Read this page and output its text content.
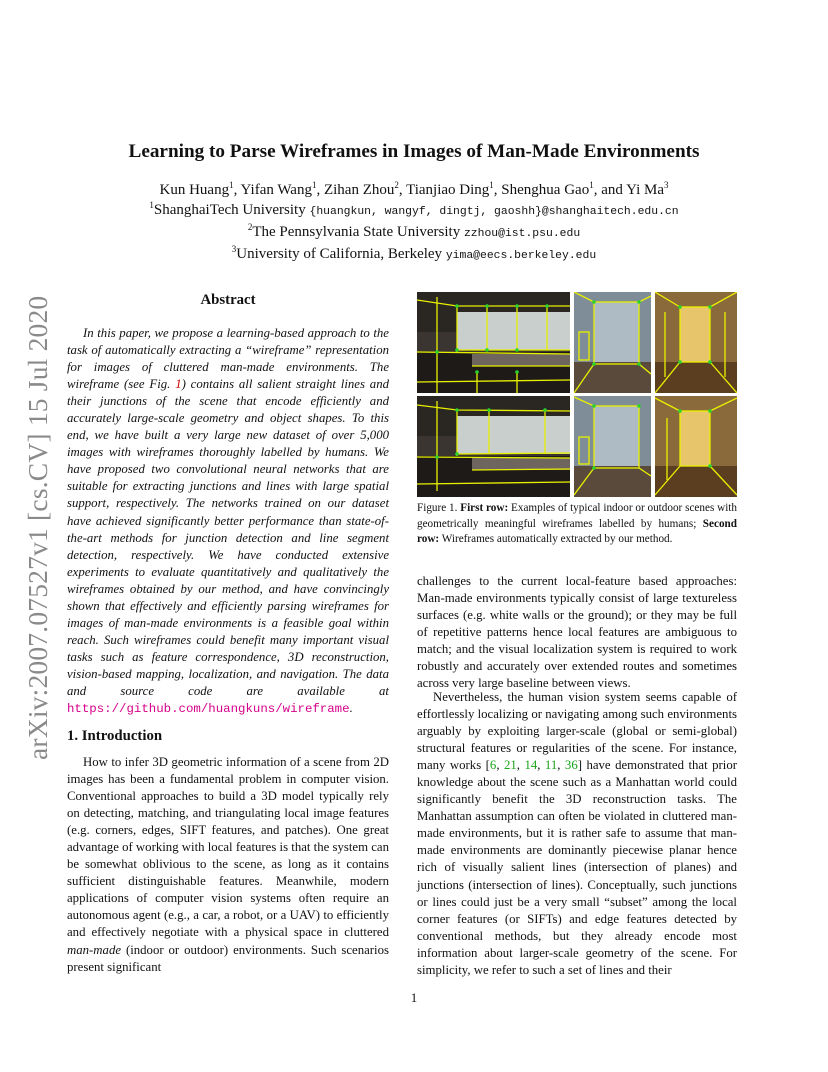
arXiv:2007.07527v1 [cs.CV] 15 Jul 2020
Learning to Parse Wireframes in Images of Man-Made Environments
Kun Huang$^1$, Yifan Wang$^1$, Zihan Zhou$^2$, Tianjiao Ding$^1$, Shenghua Gao$^1$, and Yi Ma$^3$
$^1$ShanghaiTech University {huangkun, wangyf, dingtj, gaoshh}@shanghaitech.edu.cn
$^2$The Pennsylvania State University zzhou@ist.psu.edu
$^3$University of California, Berkeley yima@eecs.berkeley.edu
Abstract
In this paper, we propose a learning-based approach to the task of automatically extracting a “wireframe” representation for images of cluttered man-made environments. The wireframe (see Fig. 1) contains all salient straight lines and their junctions of the scene that encode efficiently and accurately large-scale geometry and object shapes. To this end, we have built a very large new dataset of over 5,000 images with wireframes thoroughly labelled by humans. We have proposed two convolutional neural networks that are suitable for extracting junctions and lines with large spatial support, respectively. The networks trained on our dataset have achieved significantly better performance than state-of-the-art methods for junction detection and line segment detection, respectively. We have conducted extensive experiments to evaluate quantitatively and qualitatively the wireframes obtained by our method, and have convincingly shown that effectively and efficiently parsing wireframes for images of man-made environments is a feasible goal within reach. Such wireframes could benefit many important visual tasks such as feature correspondence, 3D reconstruction, vision-based mapping, localization, and navigation. The data and source code are available at https://github.com/huangkuns/wireframe.
1. Introduction

How to infer 3D geometric information of a scene from 2D images has been a fundamental problem in computer vision. Conventional approaches to build a 3D model typically rely on detecting, matching, and triangulating local image features (e.g. corners, edges, SIFT features, and patches). One great advantage of working with local features is that the system can be somewhat oblivious to the scene, as long as it contains sufficient distinguishable features. Meanwhile, modern applications of computer vision systems often require an autonomous agent (e.g., a car, a robot, or a UAV) to efficiently and effectively negotiate with a physical space in cluttered man-made (indoor or outdoor) environments. Such scenarios present significant

Figure 1. First row: Examples of typical indoor or outdoor scenes with geometrically meaningful wireframes labelled by humans; Second row: Wireframes automatically extracted by our method.

challenges to the current local-feature based approaches: Man-made environments typically consist of large textureless surfaces (e.g. white walls or the ground); or they may be full of repetitive patterns hence local features are ambiguous to match; and the visual localization system is required to work robustly and accurately over extended routes and sometimes across very large baseline between views.

Nevertheless, the human vision system seems capable of effortlessly localizing or navigating among such environments arguably by exploiting larger-scale (global or semi-global) structural features or regularities of the scene. For instance, many works [6, 21, 14, 11, 36] have demonstrated that prior knowledge about the scene such as a Manhattan world could significantly benefit the 3D reconstruction tasks. The Manhattan assumption can often be violated in cluttered man-made environments, but it is rather safe to assume that man-made environments are dominantly piecewise planar hence rich of visually salient lines (intersection of planes) and junctions (intersection of lines). Conceptually, such junctions or lines could just be a very small “subset” among the local corner features (or SIFTs) and edge features detected by conventional methods, but they already encode most information about larger-scale geometry of the scene. For simplicity, we refer to such a set of lines and their

1
